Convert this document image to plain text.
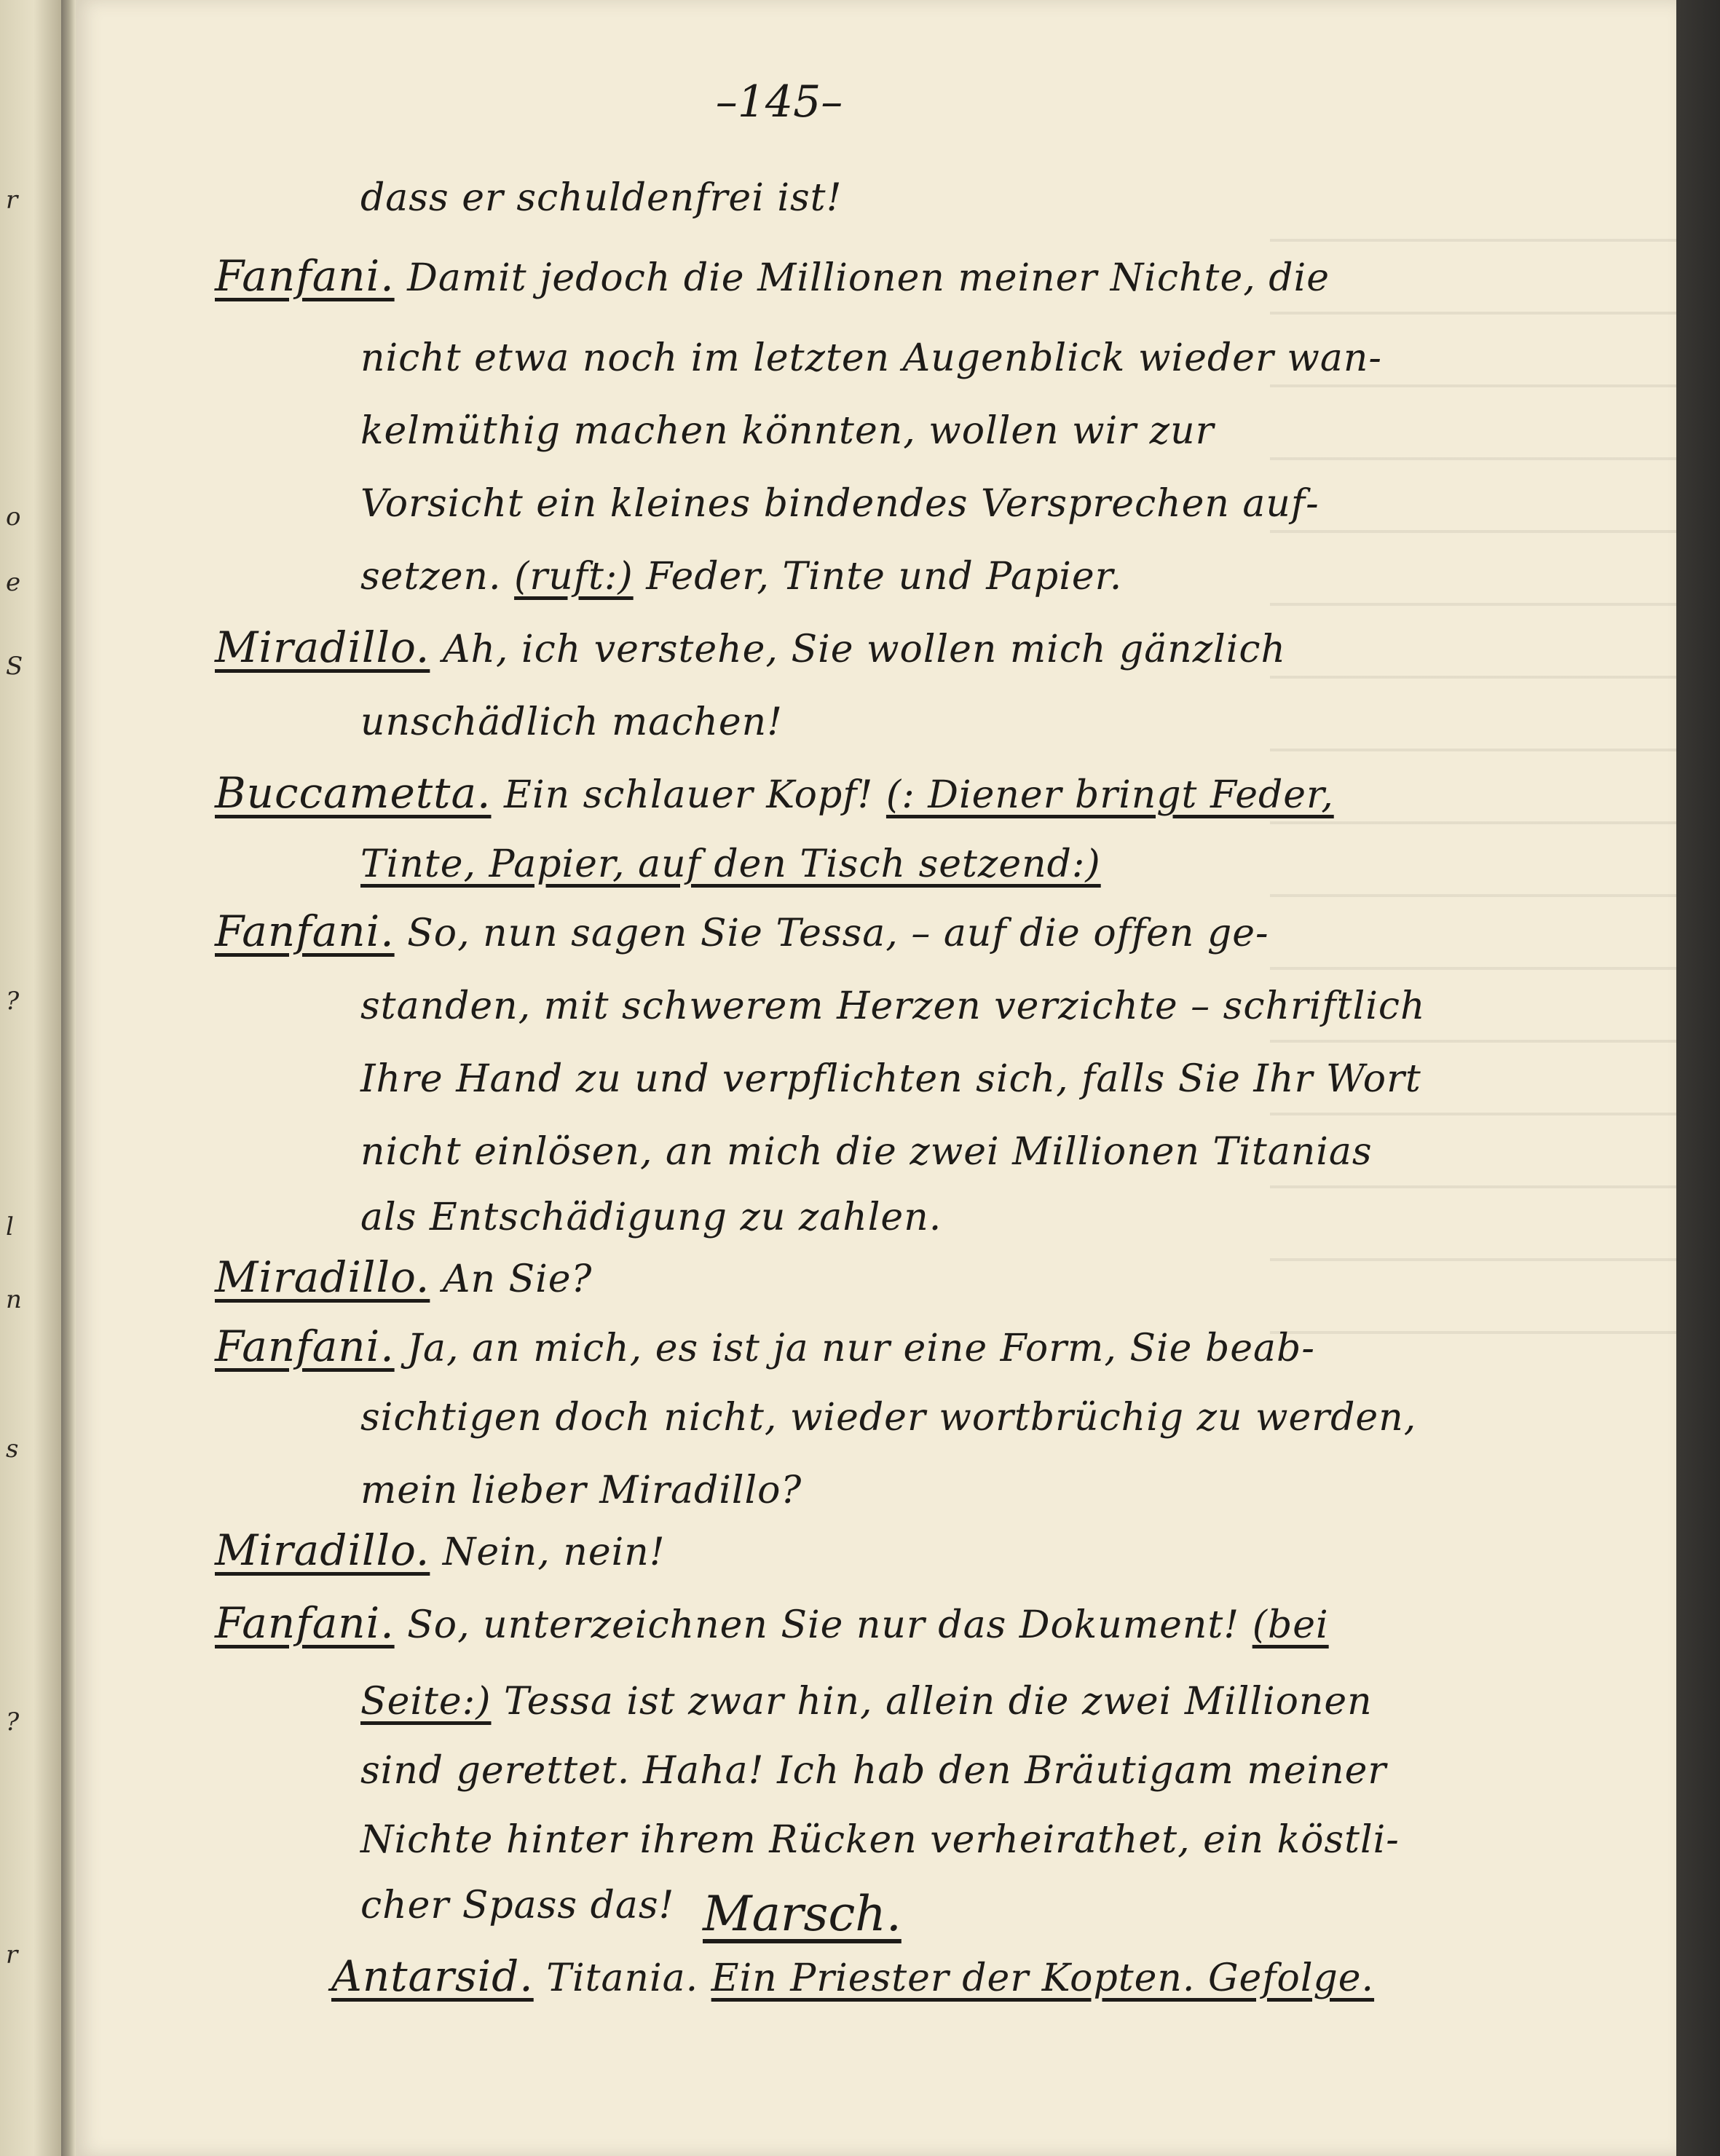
r
o
e
S
?
l
n
s
?
r
–145–
dass er schuldenfrei ist!
Fanfani. Damit jedoch die Millionen meiner Nichte, die
nicht etwa noch im letzten Augenblick wieder wan‑
kelmüthig machen könnten, wollen wir zur
Vorsicht ein kleines bindendes Versprechen auf‑
setzen. (ruft:) Feder, Tinte und Papier.
Miradillo. Ah, ich verstehe, Sie wollen mich gänzlich
unschädlich machen!
Buccametta. Ein schlauer Kopf! (: Diener bringt Feder,
Tinte, Papier, auf den Tisch setzend:)
Fanfani. So, nun sagen Sie Tessa, – auf die offen ge‑
standen, mit schwerem Herzen verzichte – schriftlich
Ihre Hand zu und verpflichten sich, falls Sie Ihr Wort
nicht einlösen, an mich die zwei Millionen Titanias
als Entschädigung zu zahlen.
Miradillo. An Sie?
Fanfani. Ja, an mich, es ist ja nur eine Form, Sie beab‑
sichtigen doch nicht, wieder wortbrüchig zu werden,
mein lieber Miradillo?
Miradillo. Nein, nein!
Fanfani. So, unterzeichnen Sie nur das Dokument! (bei
Seite:) Tessa ist zwar hin, allein die zwei Millionen
sind gerettet. Haha! Ich hab den Bräutigam meiner
Nichte hinter ihrem Rücken verheirathet, ein köstli‑
cher Spass das! Marsch.
Antarsid. Titania. Ein Priester der Kopten. Gefolge.
